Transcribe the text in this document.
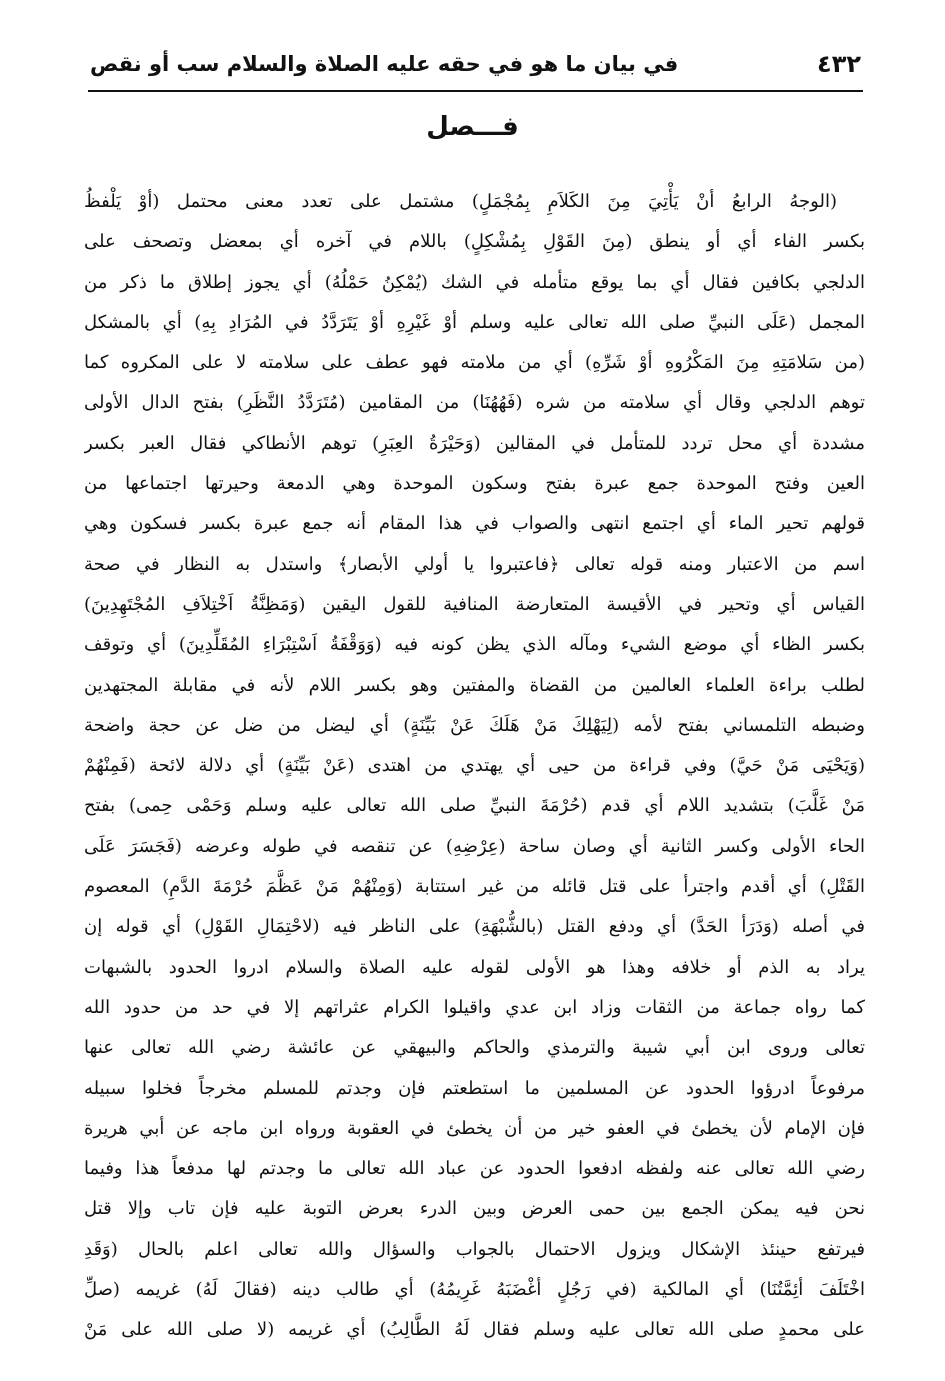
٤٣٢
في بيان ما هو في حقه عليه الصلاة والسلام سب أو نقص
فـــصل
(الوجهُ الرابعُ أنْ يَأْتِيَ مِنَ الكَلاَمِ بِمُجْمَلٍ) مشتمل على تعدد معنى محتمل (أوْ يَلْفظُ
بكسر الفاء أي أو ينطق (مِنَ القَوْلِ بِمُشْكِلٍ) باللام في آخره أي بمعضل وتصحف على
الدلجي بكافين فقال أي بما يوقع متأمله في الشك (يُمْكِنُ حَمْلُهُ) أي يجوز إطلاق ما ذكر من
المجمل (عَلَى النبيِّ صلى الله تعالى عليه وسلم أوْ غَيْرِهِ أوْ يَتَرَدَّدُ في المُرَادِ بِهِ) أي بالمشكل
(من سَلامَتِهِ مِنَ المَكْرُوهِ أوْ شَرِّهِ) أي من ملامته فهو عطف على سلامته لا على المكروه كما
توهم الدلجي وقال أي سلامته من شره (فَهُهُنَا) من المقامين (مُتَرَدَّدُ النَّظَرِ) بفتح الدال الأولى
مشددة أي محل تردد للمتأمل في المقالين (وَحَيْرَةُ العِبَرِ) توهم الأنطاكي فقال العبر بكسر
العين وفتح الموحدة جمع عبرة بفتح وسكون الموحدة وهي الدمعة وحيرتها اجتماعها من
قولهم تحير الماء أي اجتمع انتهى والصواب في هذا المقام أنه جمع عبرة بكسر فسكون وهي
اسم من الاعتبار ومنه قوله تعالى ﴿فاعتبروا يا أولي الأبصار﴾ واستدل به النظار في صحة
القياس أي وتحير في الأقيسة المتعارضة المنافية للقول اليقين (وَمَظِنَّةُ اَخْتِلاَفِ المُجْتَهِدِينَ)
بكسر الظاء أي موضع الشيء ومآله الذي يظن كونه فيه (وَوَقْفَةُ اَسْتِبْرَاءِ المُقَلِّدِينَ) أي وتوقف
لطلب براءة العلماء العالمين من القضاة والمفتين وهو بكسر اللام لأنه في مقابلة المجتهدين
وضبطه التلمساني بفتح لأمه (لِيَهْلِكَ مَنْ هَلَكَ عَنْ بَيِّنَةٍ) أي ليضل من ضل عن حجة واضحة
(وَيَحْيَى مَنْ حَيَّ) وفي قراءة من حيى أي يهتدي من اهتدى (عَنْ بَيِّنَةٍ) أي دلالة لائحة (فَمِنْهُمْ
مَنْ غَلَّبَ) بتشديد اللام أي قدم (حُرْمَةَ النبيِّ صلى الله تعالى عليه وسلم وَحَمْى حِمى) بفتح
الحاء الأولى وكسر الثانية أي وصان ساحة (عِرْضِهِ) عن تنقصه في طوله وعرضه (فَجَسَرَ عَلَى
القَتْلِ) أي أقدم واجترأ على قتل قائله من غير استتابة (وَمِنْهُمْ مَنْ عَظَّمَ حُرْمَةَ الدَّمِ) المعصوم
في أصله (وَدَرَأ الحَدَّ) أي ودفع القتل (بالشُّبْهَةِ) على الناظر فيه (لاحْتِمَالِ القَوْلِ) أي قوله إن
يراد به الذم أو خلافه وهذا هو الأولى لقوله عليه الصلاة والسلام ادروا الحدود بالشبهات
كما رواه جماعة من الثقات وزاد ابن عدي واقيلوا الكرام عثراتهم إلا في حد من حدود الله
تعالى وروى ابن أبي شيبة والترمذي والحاكم والبيهقي عن عائشة رضي الله تعالى عنها
مرفوعاً ادرؤوا الحدود عن المسلمين ما استطعتم فإن وجدتم للمسلم مخرجاً فخلوا سبيله
فإن الإمام لأن يخطئ في العفو خير من أن يخطئ في العقوبة ورواه ابن ماجه عن أبي هريرة
رضي الله تعالى عنه ولفظه ادفعوا الحدود عن عباد الله تعالى ما وجدتم لها مدفعاً هذا وفيما
نحن فيه يمكن الجمع بين حمى العرض وبين الدرء بعرض التوبة عليه فإن تاب وإلا قتل
فيرتفع حينئذ الإشكال ويزول الاحتمال بالجواب والسؤال والله تعالى اعلم بالحال (وَقَدِ
اخْتَلَفَ أئِمَّتُنَا) أي المالكية (في رَجُلٍ أغْضَبَهُ غَرِيمُهُ) أي طالب دينه (فقالَ لَهُ) غريمه (صلِّ
على محمدٍ صلى الله تعالى عليه وسلم فقال لَهُ الطَّالِبُ) أي غريمه (لا صلى الله على مَنْ
